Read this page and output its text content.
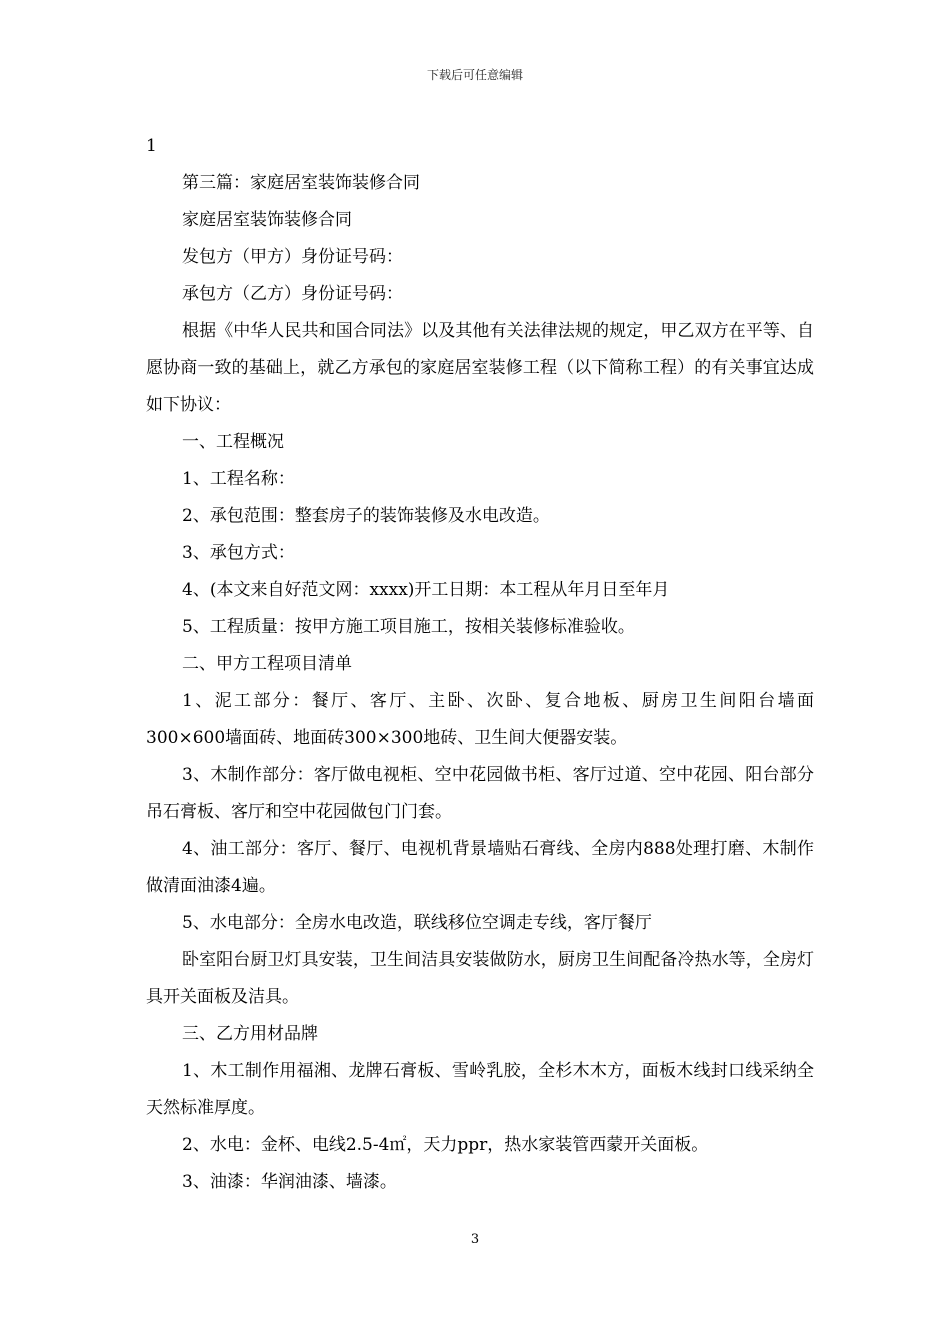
下载后可任意编辑

1

第三篇：家庭居室装饰装修合同

家庭居室装饰装修合同

发包方（甲方）身份证号码：

承包方（乙方）身份证号码：

根据《中华人民共和国合同法》以及其他有关法律法规的规定，甲乙双方在平等、自愿协商一致的基础上，就乙方承包的家庭居室装修工程（以下简称工程）的有关事宜达成如下协议：

一、工程概况

1、工程名称：

2、承包范围：整套房子的装饰装修及水电改造。

3、承包方式：

4、(本文来自好范文网：xxxx)开工日期：本工程从年月日至年月

5、工程质量：按甲方施工项目施工，按相关装修标准验收。

二、甲方工程项目清单

1、泥工部分：餐厅、客厅、主卧、次卧、复合地板、厨房卫生间阳台墙面300×600墙面砖、地面砖300×300地砖、卫生间大便器安装。

3、木制作部分：客厅做电视柜、空中花园做书柜、客厅过道、空中花园、阳台部分吊石膏板、客厅和空中花园做包门门套。

4、油工部分：客厅、餐厅、电视机背景墙贴石膏线、全房内888处理打磨、木制作做清面油漆4遍。

5、水电部分：全房水电改造，联线移位空调走专线，客厅餐厅

卧室阳台厨卫灯具安装，卫生间洁具安装做防水，厨房卫生间配备冷热水等，全房灯具开关面板及洁具。

三、乙方用材品牌

1、木工制作用福湘、龙牌石膏板、雪岭乳胶，全杉木木方，面板木线封口线采纳全天然标准厚度。

2、水电：金杯、电线2.5-4㎡，天力ppr，热水家装管西蒙开关面板。

3、油漆：华润油漆、墙漆。

3
